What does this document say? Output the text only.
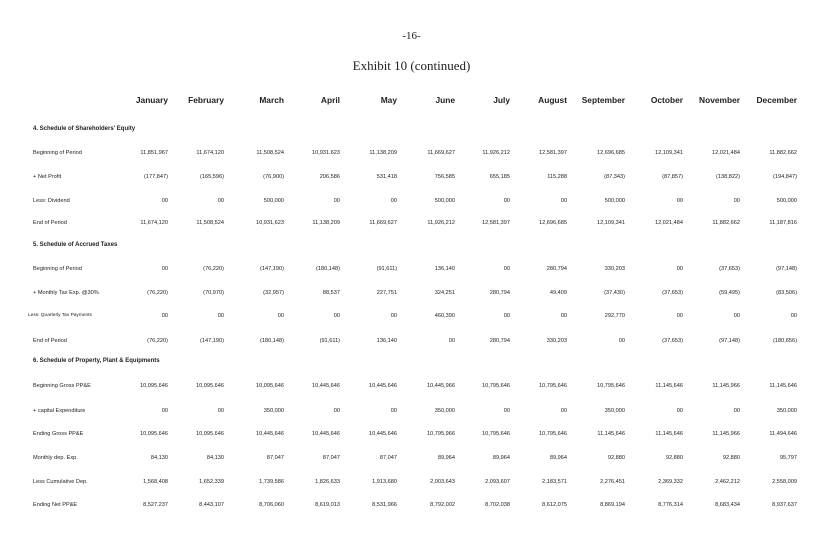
-16-
Exhibit 10 (continued)
January	February	March	April	May	June	July	August	September	October	November	December
4. Schedule of Shareholders' Equity
Beginning of Period	11,851,967	11,674,120	11,508,524	10,931,623	11,138,209	11,669,627	11,926,212	12,581,397	12,696,685	12,109,341	12,021,484	11,882,662
+ Net Profit	(177,847)	(165,596)	(76,900)	206,586	531,418	756,585	655,185	115,288	(87,343)	(87,857)	(138,822)	(194,847)
Less: Dividend	00	00	500,000	00	00	500,000	00	00	500,000	00	00	500,000
End of Period	11,674,120	11,508,524	10,931,623	11,138,209	11,669,627	11,926,212	12,581,397	12,696,685	12,109,341	12,021,484	11,882,662	11,187,816
5. Schedule of Accrued Taxes
Beginning of Period	00	(76,220)	(147,190)	(180,148)	(91,611)	136,140	00	280,794	330,203	00	(37,653)	(97,148)
+ Monthly Tax Exp. @30%	(76,220)	(70,970)	(32,957)	88,537	227,751	324,251	280,794	49,409	(37,430)	(37,653)	(59,495)	(83,506)
Less: Quarterly Tax Payments	00	00	00	00	00	460,390	00	00	292,770	00	00	00
End of Period	(76,220)	(147,190)	(180,148)	(91,611)	136,140	00	280,794	330,203	00	(37,653)	(97,148)	(180,656)
6. Schedule of Property, Plant & Equipments
Beginning Gross PP&E	10,095,646	10,095,646	10,095,646	10,445,646	10,445,646	10,445,966	10,795,646	10,795,646	10,795,646	11,145,646	11,145,966	11,145,646
+ capital Expenditure	00	00	350,000	00	00	350,000	00	00	350,000	00	00	350,000
Ending Gross PP&E	10,095,646	10,095,646	10,445,646	10,445,646	10,445,646	10,795,966	10,795,646	10,795,646	11,145,646	11,145,646	11,145,966	11,494,646
Monthly dep. Exp.	84,130	84,130	87,047	87,047	87,047	89,964	89,964	89,964	92,880	92,880	92,880	95,797
Less Cumulative Dep.	1,568,408	1,652,339	1,739,586	1,826,633	1,913,680	2,003,643	2,093,607	2,183,571	2,276,451	2,369,332	2,462,212	2,558,009
Ending Net PP&E	8,527,237	8,443,107	8,706,060	8,619,013	8,531,966	8,792,002	8,702,038	8,612,075	8,869,194	8,776,314	8,683,434	8,937,637
